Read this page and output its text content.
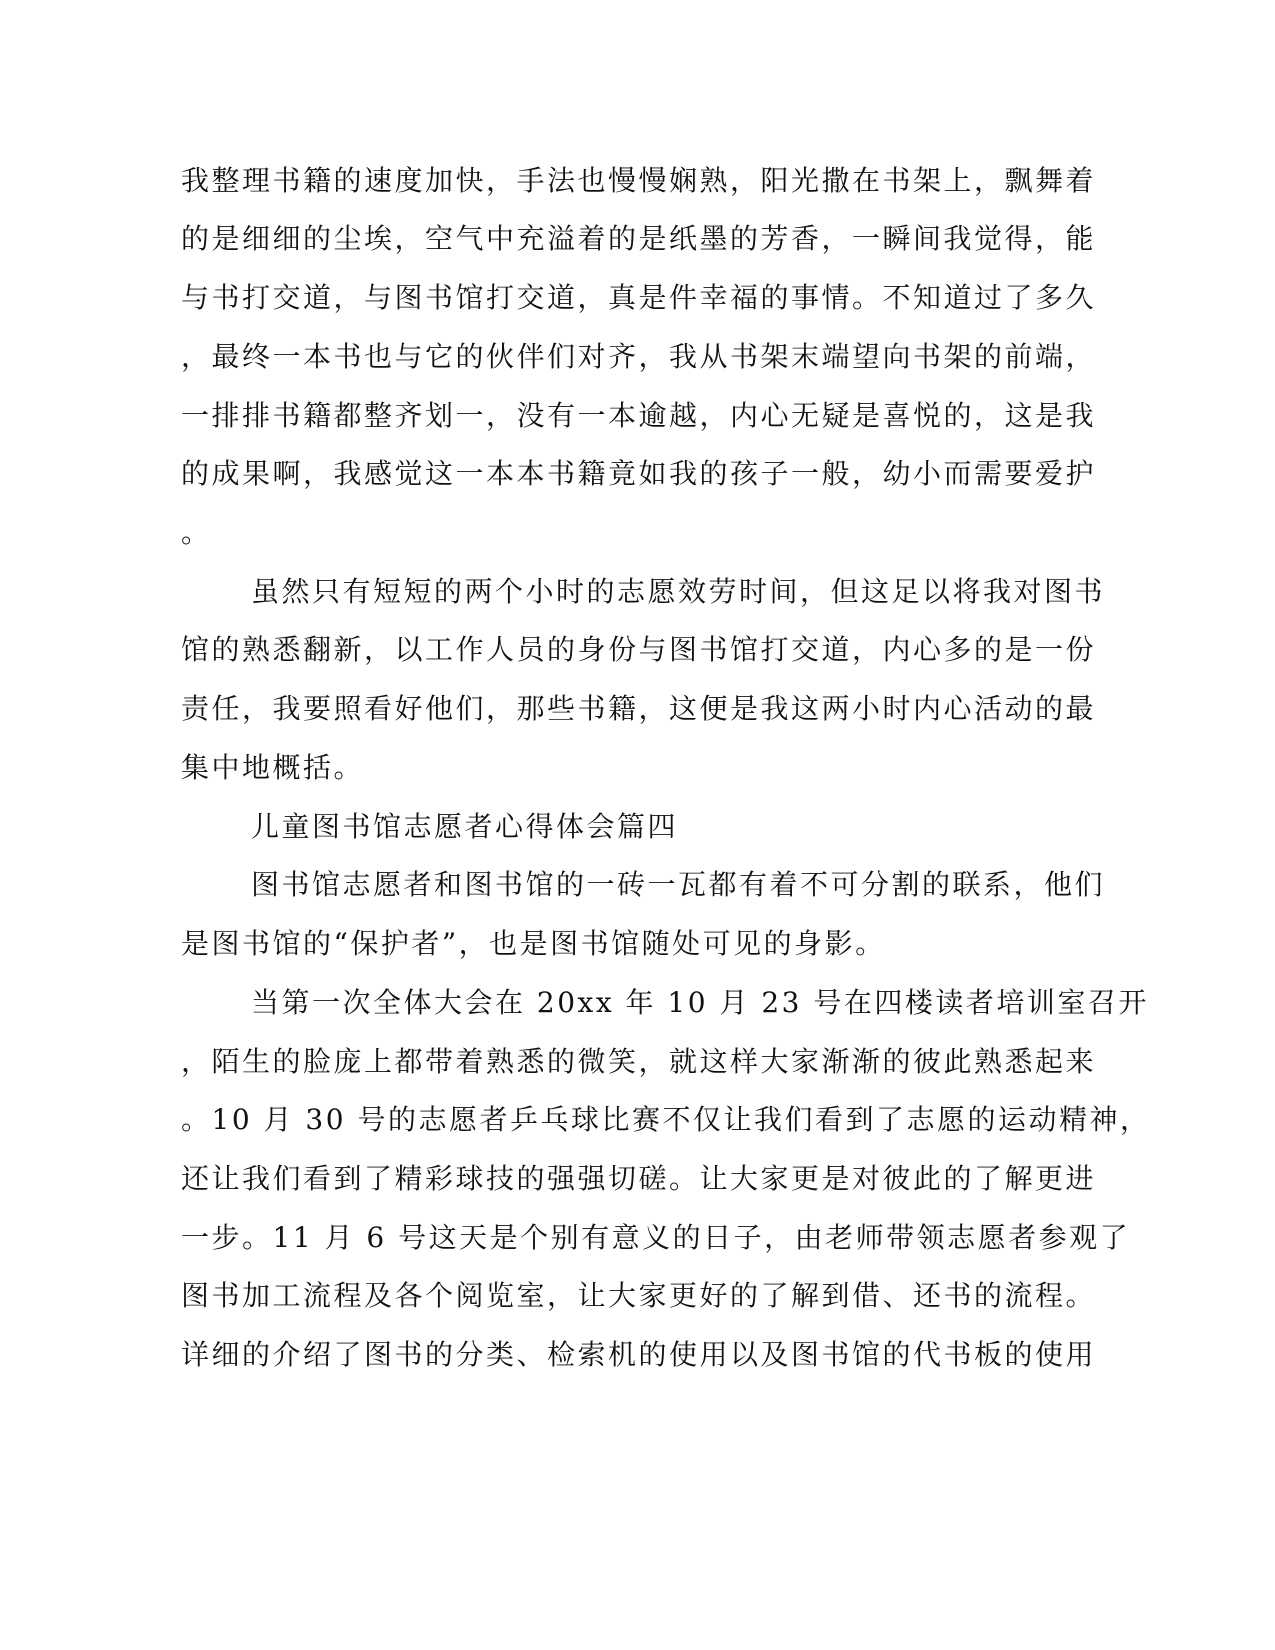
我整理书籍的速度加快，手法也慢慢娴熟，阳光撒在书架上，飘舞着
的是细细的尘埃，空气中充溢着的是纸墨的芳香，一瞬间我觉得，能
与书打交道，与图书馆打交道，真是件幸福的事情。不知道过了多久
，最终一本书也与它的伙伴们对齐，我从书架末端望向书架的前端，
一排排书籍都整齐划一，没有一本逾越，内心无疑是喜悦的，这是我
的成果啊，我感觉这一本本书籍竟如我的孩子一般，幼小而需要爱护
。
虽然只有短短的两个小时的志愿效劳时间，但这足以将我对图书
馆的熟悉翻新，以工作人员的身份与图书馆打交道，内心多的是一份
责任，我要照看好他们，那些书籍，这便是我这两小时内心活动的最
集中地概括。
儿童图书馆志愿者心得体会篇四
图书馆志愿者和图书馆的一砖一瓦都有着不可分割的联系，他们
是图书馆的“保护者”，也是图书馆随处可见的身影。
当第一次全体大会在 20xx 年 10 月 23 号在四楼读者培训室召开
，陌生的脸庞上都带着熟悉的微笑，就这样大家渐渐的彼此熟悉起来
。10 月 30 号的志愿者乒乓球比赛不仅让我们看到了志愿的运动精神，
还让我们看到了精彩球技的强强切磋。让大家更是对彼此的了解更进
一步。11 月 6 号这天是个别有意义的日子，由老师带领志愿者参观了
图书加工流程及各个阅览室，让大家更好的了解到借、还书的流程。
详细的介绍了图书的分类、检索机的使用以及图书馆的代书板的使用
